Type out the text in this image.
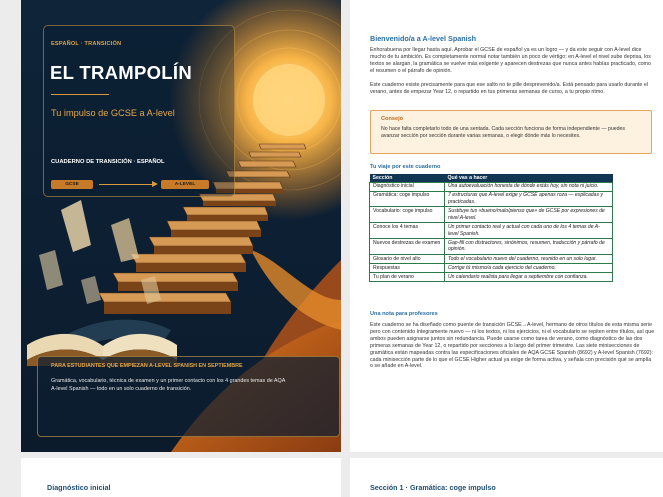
ESPAÑOL · TRANSICIÓN
EL TRAMPOLÍN
Tu impulso de GCSE a A-level
CUADERNO DE TRANSICIÓN · ESPAÑOL
GCSE	A-LEVEL
PARA ESTUDIANTES QUE EMPIEZAN A-LEVEL SPANISH EN SEPTIEMBRE
Gramática, vocabulario, técnica de examen y un primer contacto con los 4 grandes temas de AQA A-level Spanish — todo en un solo cuaderno de transición.
Bienvenido/a a A-level Spanish
Enhorabuena por llegar hasta aquí. Aprobar el GCSE de español ya es un logro — y da este seguir con A-level dice mucho de tu ambición. Es completamente normal notar también un poco de vértigo: en A-level el nivel sube deprisa, los textos se alargan, la gramática se vuelve más exigente y aparecen destrezas que nunca antes habías practicado, como el resumen o el párrafo de opinión.
Este cuaderno existe precisamente para que ese salto no te pille desprevenido/a. Está pensado para usarlo durante el verano, antes de empezar Year 12, o repartido en tus primeras semanas de curso, a tu propio ritmo.
Consejo
No hace falta completarlo todo de una sentada. Cada sección funciona de forma independiente — puedes avanzar sección por sección durante varias semanas, o elegir dónde más lo necesites.
Tu viaje por este cuaderno
Sección	Qué vas a hacer
Diagnóstico inicial	Una autoevaluación honesta de dónde estás hoy, sin nota ni juicio.
Gramática: coge impulso	7 estructuras que A-level exige y GCSE apenas roza — explicadas y practicadas.
Vocabulario: coge impulso	Sustituye tus «bueno/malo/pienso que» de GCSE por expresiones de nivel A-level.
Conoce los 4 temas	Un primer contacto real y actual con cada uno de los 4 temas de A-level Spanish.
Nuevos destrezas de examen	Gap-fill con distractores, sinónimos, resumen, traducción y párrafo de opinión.
Glosario de nivel alto	Todo el vocabulario nuevo del cuaderno, reunido en un solo lugar.
Respuestas	Corrige tú mismo/a cada ejercicio del cuaderno.
Tu plan de verano	Un calendario realista para llegar a septiembre con confianza.
Una nota para profesores
Este cuaderno se ha diseñado como puente de transición GCSE→A-level, hermano de otros títulos de esta misma serie pero con contenido íntegramente nuevo — ni los textos, ni los ejercicios, ni el vocabulario se repiten entre títulos, así que ambos pueden asignarse juntos sin redundancia. Puede usarse como tarea de verano, como diagnóstico de las dos primeras semanas de Year 12, o repartido por secciones a lo largo del primer trimestre. Las siete minisecciones de gramática están mapeadas contra las especificaciones oficiales de AQA GCSE Spanish (8692) y A-level Spanish (7692): cada minisección parte de lo que el GCSE Higher actual ya exige de forma activa, y señala con precisión qué se amplía o se añade en A-level.
Diagnóstico inicial	Sección 1 · Gramática: coge impulso
